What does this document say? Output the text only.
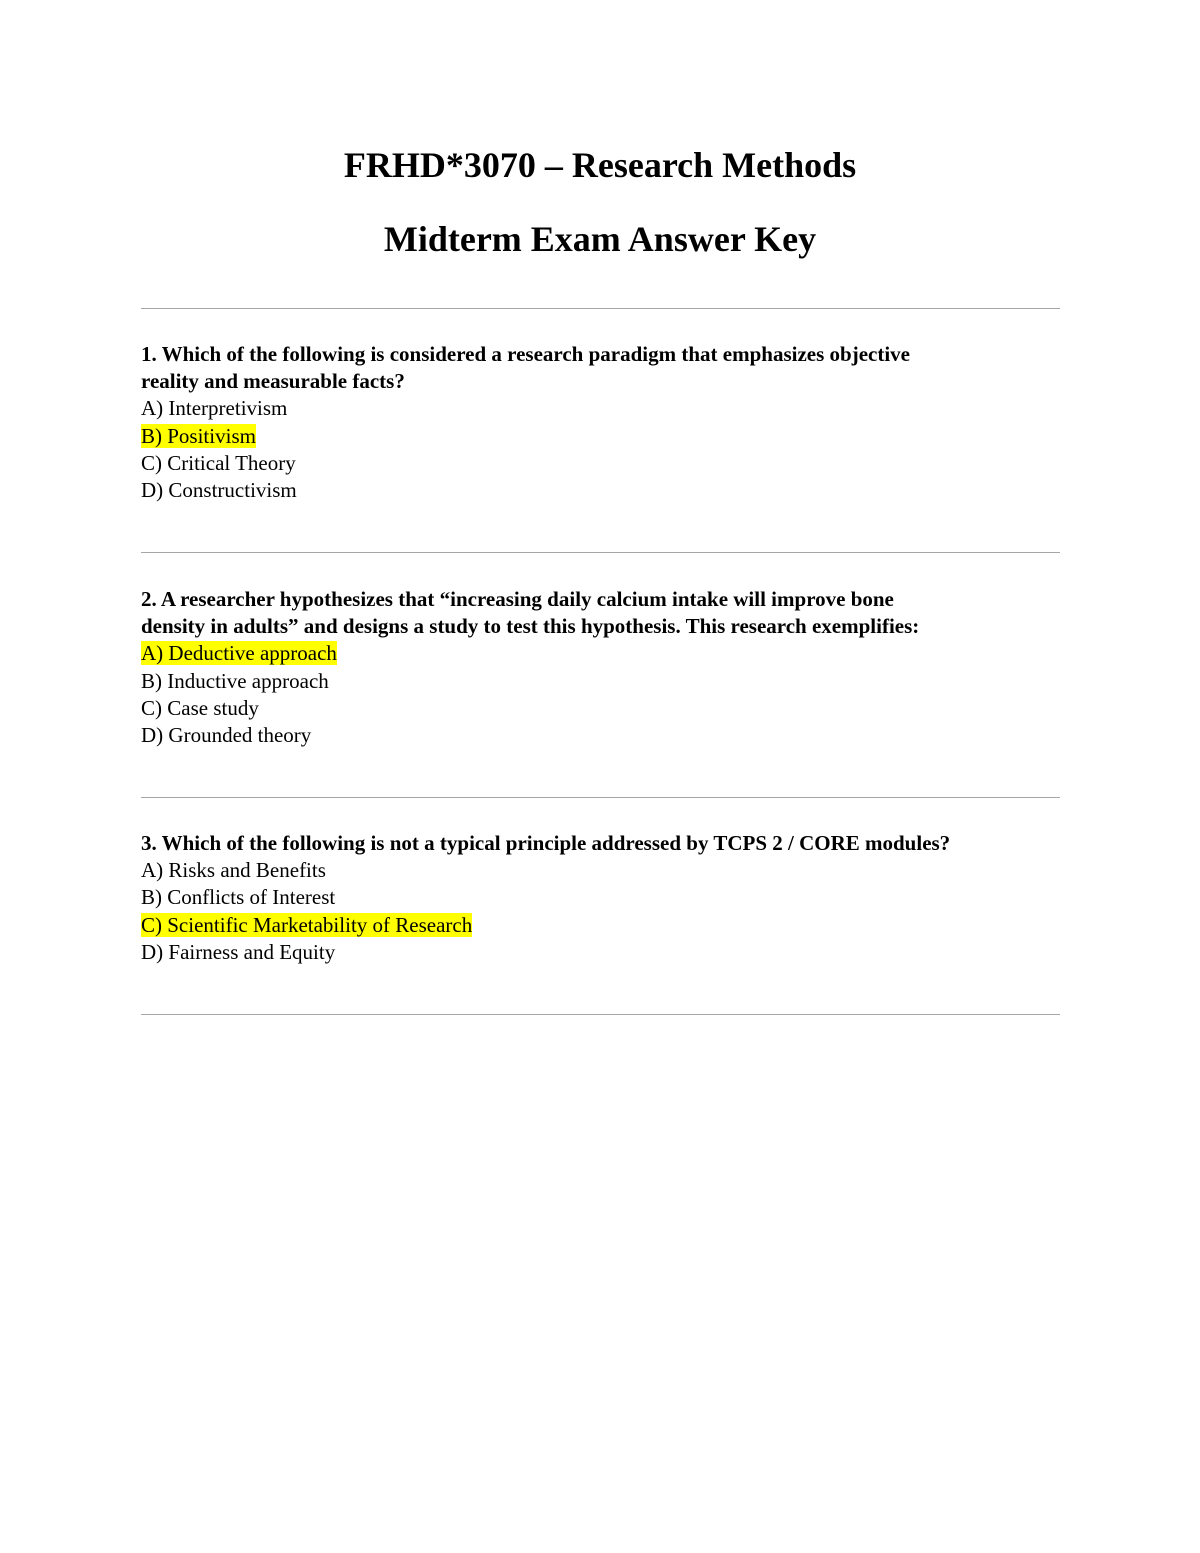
FRHD*3070 – Research Methods
Midterm Exam Answer Key

1. Which of the following is considered a research paradigm that emphasizes objective
reality and measurable facts?

A) Interpretivism

B) Positivism

C) Critical Theory

D) Constructivism

2. A researcher hypothesizes that “increasing daily calcium intake will improve bone
density in adults” and designs a study to test this hypothesis. This research exemplifies:

A) Deductive approach

B) Inductive approach

C) Case study

D) Grounded theory

3. Which of the following is not a typical principle addressed by TCPS 2 / CORE modules?

A) Risks and Benefits

B) Conflicts of Interest

C) Scientific Marketability of Research

D) Fairness and Equity
